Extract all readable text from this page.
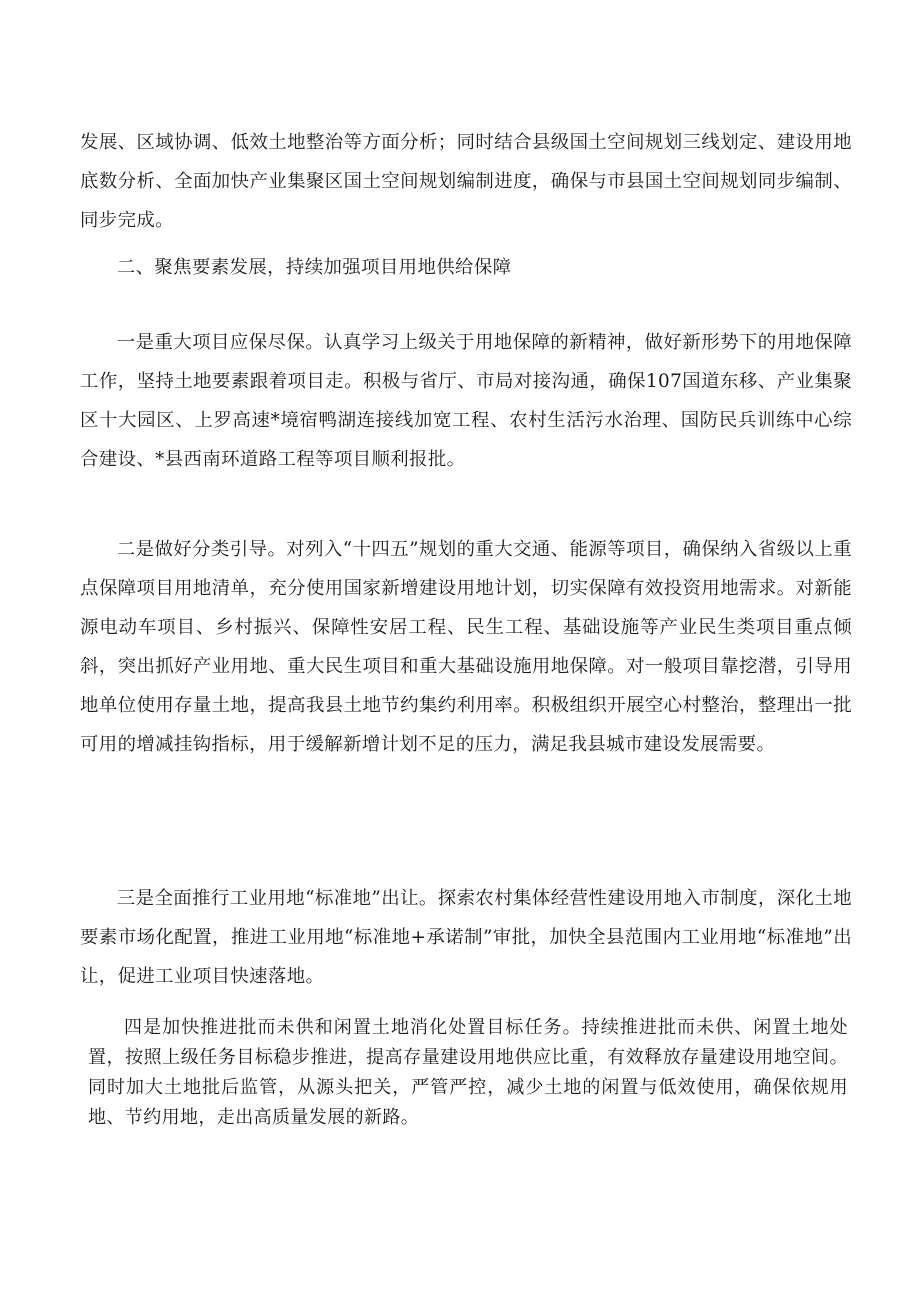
发展、区域协调、低效土地整治等方面分析；同时结合县级国土空间规划三线划定、建设用地底数分析、全面加快产业集聚区国土空间规划编制进度，确保与市县国土空间规划同步编制、同步完成。

二、聚焦要素发展，持续加强项目用地供给保障

一是重大项目应保尽保。认真学习上级关于用地保障的新精神，做好新形势下的用地保障工作，坚持土地要素跟着项目走。积极与省厅、市局对接沟通，确保107国道东移、产业集聚区十大园区、上罗高速*境宿鸭湖连接线加宽工程、农村生活污水治理、国防民兵训练中心综合建设、*县西南环道路工程等项目顺利报批。

二是做好分类引导。对列入“十四五”规划的重大交通、能源等项目，确保纳入省级以上重点保障项目用地清单，充分使用国家新增建设用地计划，切实保障有效投资用地需求。对新能源电动车项目、乡村振兴、保障性安居工程、民生工程、基础设施等产业民生类项目重点倾斜，突出抓好产业用地、重大民生项目和重大基础设施用地保障。对一般项目靠挖潜，引导用地单位使用存量土地，提高我县土地节约集约利用率。积极组织开展空心村整治，整理出一批可用的增减挂钩指标，用于缓解新增计划不足的压力，满足我县城市建设发展需要。

三是全面推行工业用地“标准地”出让。探索农村集体经营性建设用地入市制度，深化土地要素市场化配置，推进工业用地“标准地+承诺制”审批，加快全县范围内工业用地“标准地”出让，促进工业项目快速落地。

四是加快推进批而未供和闲置土地消化处置目标任务。持续推进批而未供、闲置土地处置，按照上级任务目标稳步推进，提高存量建设用地供应比重，有效释放存量建设用地空间。同时加大土地批后监管，从源头把关，严管严控，减少土地的闲置与低效使用，确保依规用地、节约用地，走出高质量发展的新路。
